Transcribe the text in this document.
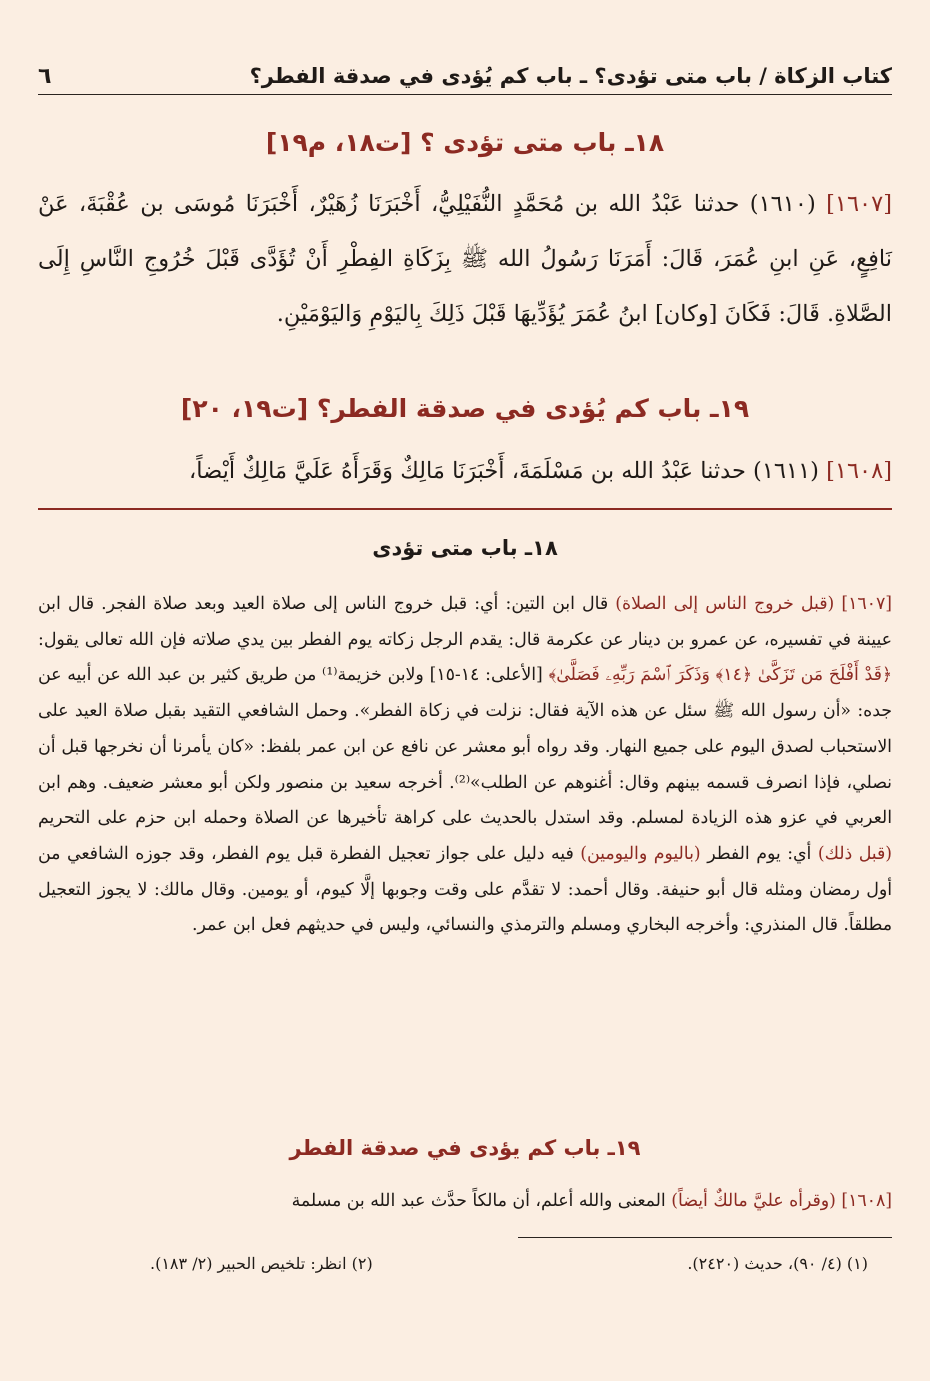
كتاب الزكاة / باب متى تؤدى؟ ـ باب كم يُؤدى في صدقة الفطر؟
٦
١٨ـ باب متى تؤدى ؟ [ت١٨، م١٩]
[١٦٠٧] (١٦١٠) حدثنا عَبْدُ الله بن مُحَمَّدٍ النُّفَيْلِيُّ، أَخْبَرَنَا زُهَيْرٌ، أَخْبَرَنَا مُوسَى بن عُقْبَةَ، عَنْ نَافِعٍ، عَنِ ابنِ عُمَرَ، قَالَ: أَمَرَنَا رَسُولُ الله ﷺ بِزَكَاةِ الفِطْرِ أَنْ تُؤَدَّى قَبْلَ خُرُوجِ النَّاسِ إِلَى الصَّلاةِ. قَالَ: فَكَانَ [وكان] ابنُ عُمَرَ يُؤَدِّيهَا قَبْلَ ذَلِكَ بِاليَوْمِ وَاليَوْمَيْنِ.
١٩ـ باب كم يُؤدى في صدقة الفطر؟ [ت١٩، ٢٠]
[١٦٠٨] (١٦١١) حدثنا عَبْدُ الله بن مَسْلَمَةَ، أَخْبَرَنَا مَالِكٌ وَقَرَأَهُ عَلَيَّ مَالِكٌ أَيْضاً،
١٨ـ باب متى تؤدى
[١٦٠٧] (قبل خروج الناس إلى الصلاة) قال ابن التين: أي: قبل خروج الناس إلى صلاة العيد وبعد صلاة الفجر. قال ابن عيينة في تفسيره، عن عمرو بن دينار عن عكرمة قال: يقدم الرجل زكاته يوم الفطر بين يدي صلاته فإن الله تعالى يقول: ﴿قَدْ أَفْلَحَ مَن تَزَكَّىٰ ﴿١٤﴾ وَذَكَرَ ٱسْمَ رَبِّهِۦ فَصَلَّىٰ﴾ [الأعلى: ١٤-١٥] ولابن خزيمة⁽¹⁾ من طريق كثير بن عبد الله عن أبيه عن جده: «أن رسول الله ﷺ سئل عن هذه الآية فقال: نزلت في زكاة الفطر». وحمل الشافعي التقيد بقبل صلاة العيد على الاستحباب لصدق اليوم على جميع النهار. وقد رواه أبو معشر عن نافع عن ابن عمر بلفظ: «كان يأمرنا أن نخرجها قبل أن نصلي، فإذا انصرف قسمه بينهم وقال: أغنوهم عن الطلب»⁽²⁾. أخرجه سعيد بن منصور ولكن أبو معشر ضعيف. وهم ابن العربي في عزو هذه الزيادة لمسلم. وقد استدل بالحديث على كراهة تأخيرها عن الصلاة وحمله ابن حزم على التحريم (قبل ذلك) أي: يوم الفطر (باليوم واليومين) فيه دليل على جواز تعجيل الفطرة قبل يوم الفطر، وقد جوزه الشافعي من أول رمضان ومثله قال أبو حنيفة. وقال أحمد: لا تقدَّم على وقت وجوبها إلَّا كيوم، أو يومين. وقال مالك: لا يجوز التعجيل مطلقاً. قال المنذري: وأخرجه البخاري ومسلم والترمذي والنسائي، وليس في حديثهم فعل ابن عمر.
١٩ـ باب كم يؤدى في صدقة الفطر
[١٦٠٨] (وقرأه عليَّ مالكٌ أيضاً) المعنى والله أعلم، أن مالكاً حدَّث عبد الله بن مسلمة
(١) (٤/ ٩٠)، حديث (٢٤٢٠).
(٢) انظر: تلخيص الحبير (٢/ ١٨٣).
